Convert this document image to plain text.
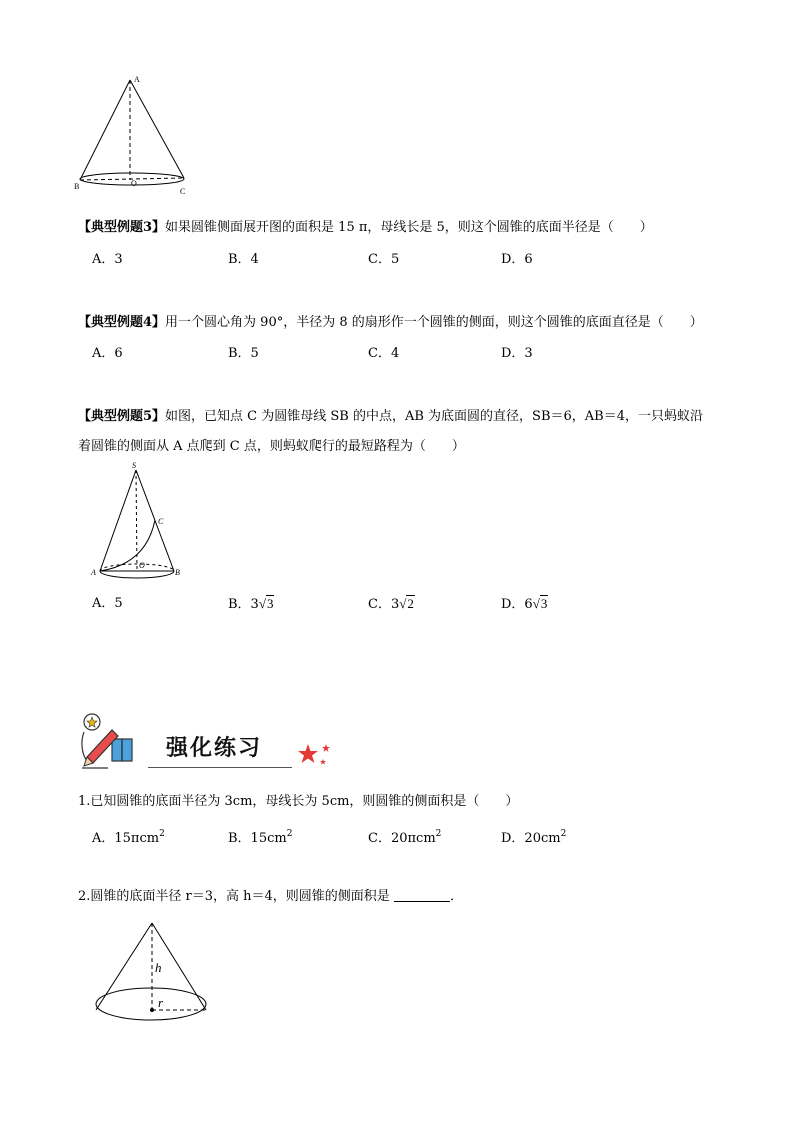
A
B
C
O
【典型例题3】如果圆锥侧面展开图的面积是 15 π，母线长是 5，则这个圆锥的底面半径是（　　）
A．3	B．4	C．5	D．6
【典型例题4】用一个圆心角为 90°，半径为 8 的扇形作一个圆锥的侧面，则这个圆锥的底面直径是（　　）
A．6	B．5	C．4	D．3
【典型例题5】如图，已知点 C 为圆锥母线 SB 的中点，AB 为底面圆的直径，SB＝6，AB＝4，一只蚂蚁沿
着圆锥的侧面从 A 点爬到 C 点，则蚂蚁爬行的最短路程为（　　）
S
C
A
O
B
A．5	B．3√3	C．3√2	D．6√3
强化练习
1.已知圆锥的底面半径为 3cm，母线长为 5cm，则圆锥的侧面积是（　　）
A．15πcm$^2$	B．$15cm^2$	C．20πcm$^2$	D．$20cm^2$
2.圆锥的底面半径 r＝3，高 h＝4，则圆锥的侧面积是	．
h
r
